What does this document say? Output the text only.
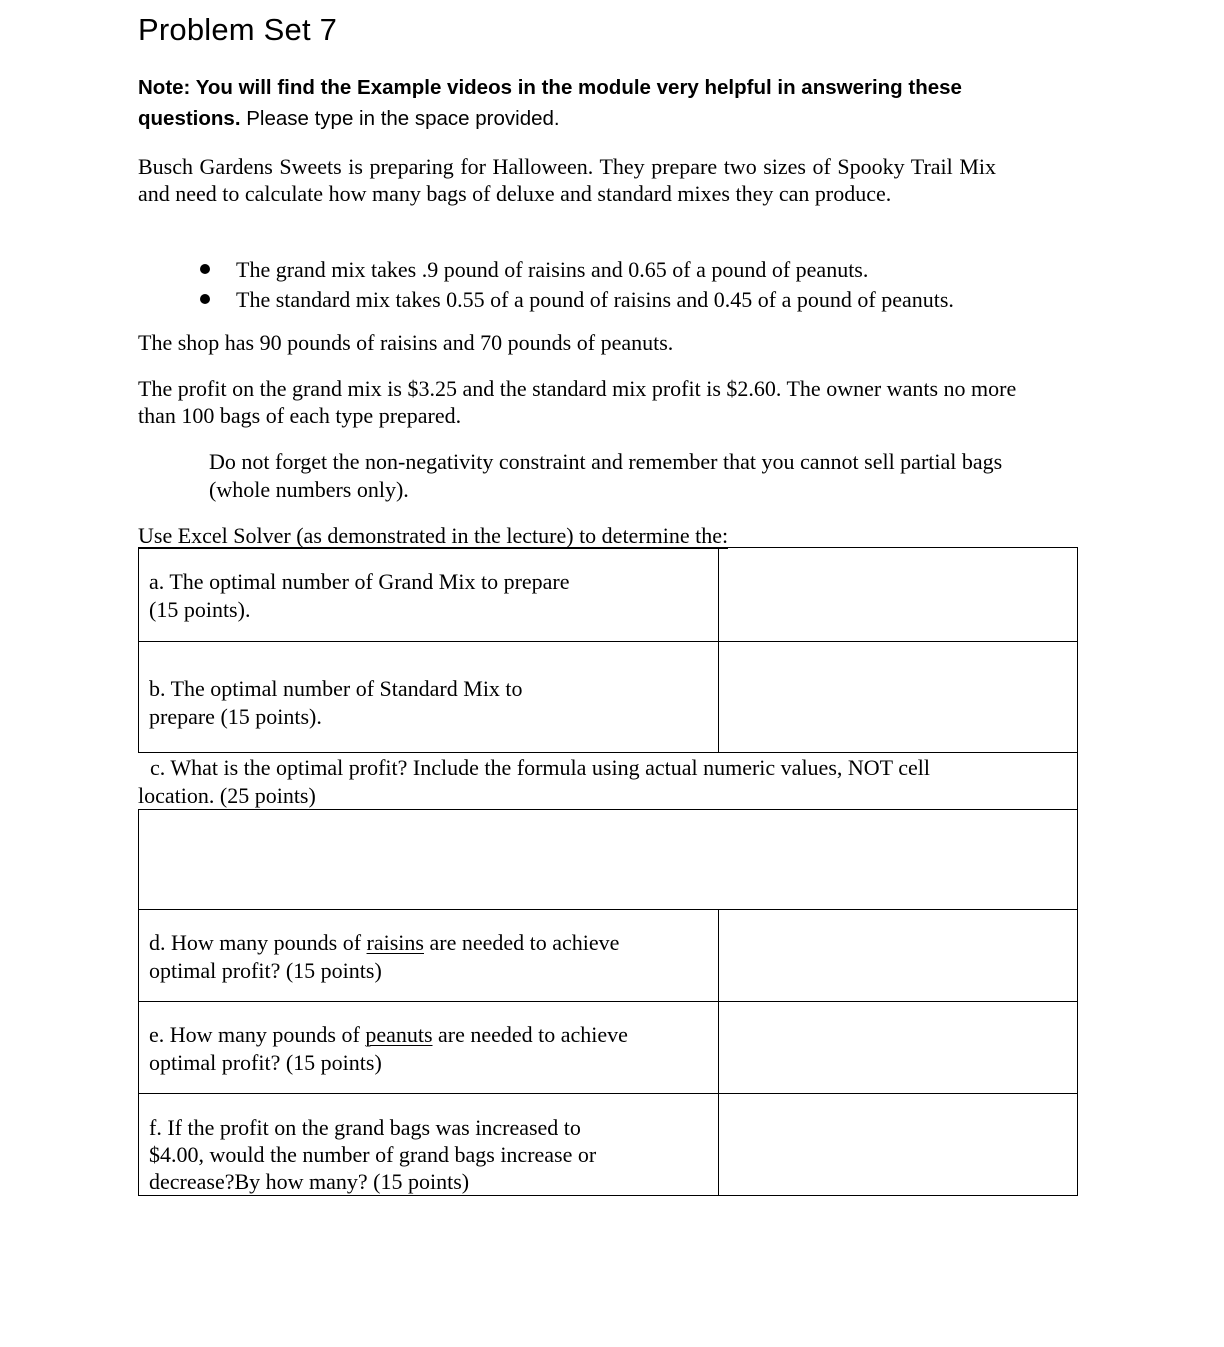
Problem Set 7
Note: You will find the Example videos in the module very helpful in answering these questions. Please type in the space provided.
Busch Gardens Sweets is preparing for Halloween. They prepare two sizes of Spooky Trail Mix and need to calculate how many bags of deluxe and standard mixes they can produce.
The grand mix takes .9 pound of raisins and 0.65 of a pound of peanuts.
The standard mix takes 0.55 of a pound of raisins and 0.45 of a pound of peanuts.
The shop has 90 pounds of raisins and 70 pounds of peanuts.
The profit on the grand mix is $3.25 and the standard mix profit is $2.60. The owner wants no more than 100 bags of each type prepared.
Do not forget the non-negativity constraint and remember that you cannot sell partial bags (whole numbers only).
Use Excel Solver (as demonstrated in the lecture) to determine the:
a. The optimal number of Grand Mix to prepare
(15 points).
b. The optimal number of Standard Mix to
prepare (15 points).
c. What is the optimal profit? Include the formula using actual numeric values, NOT cell
location. (25 points)
d. How many pounds of raisins are needed to achieve
optimal profit? (15 points)
e. How many pounds of peanuts are needed to achieve
optimal profit? (15 points)
f. If the profit on the grand bags was increased to
$4.00, would the number of grand bags increase or
decrease?By how many? (15 points)
